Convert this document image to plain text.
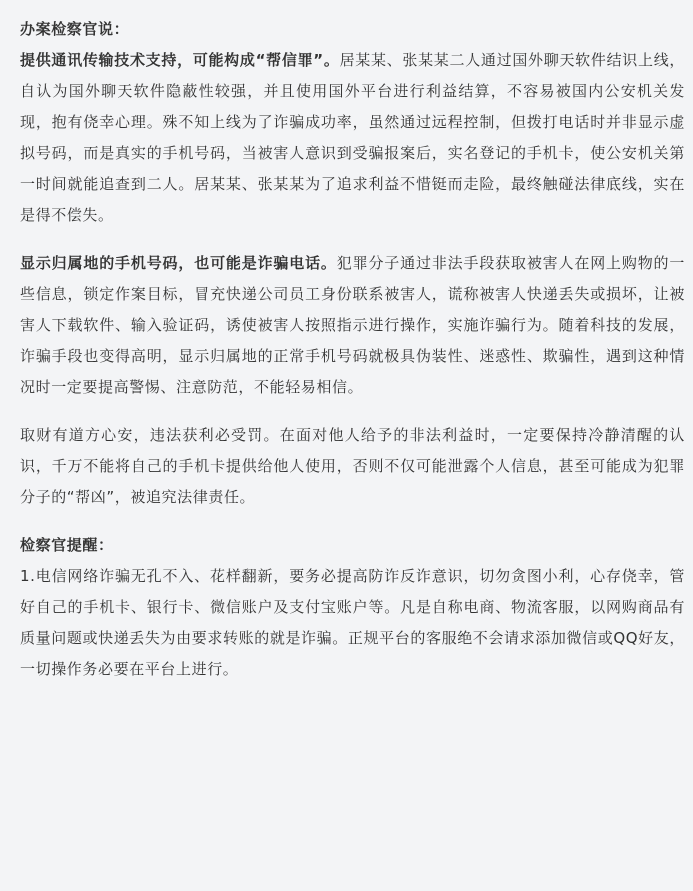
办案检察官说：

提供通讯传输技术支持，可能构成“帮信罪”。居某某、张某某二人通过国外聊天软件结识上线，自认为国外聊天软件隐蔽性较强，并且使用国外平台进行利益结算，不容易被国内公安机关发现，抱有侥幸心理。殊不知上线为了诈骗成功率，虽然通过远程控制，但拨打电话时并非显示虚拟号码，而是真实的手机号码，当被害人意识到受骗报案后，实名登记的手机卡，使公安机关第一时间就能追查到二人。居某某、张某某为了追求利益不惜铤而走险，最终触碰法律底线，实在是得不偿失。

显示归属地的手机号码，也可能是诈骗电话。犯罪分子通过非法手段获取被害人在网上购物的一些信息，锁定作案目标，冒充快递公司员工身份联系被害人，谎称被害人快递丢失或损坏，让被害人下载软件、输入验证码，诱使被害人按照指示进行操作，实施诈骗行为。随着科技的发展，诈骗手段也变得高明，显示归属地的正常手机号码就极具伪装性、迷惑性、欺骗性，遇到这种情况时一定要提高警惕、注意防范，不能轻易相信。

取财有道方心安，违法获利必受罚。在面对他人给予的非法利益时，一定要保持冷静清醒的认识，千万不能将自己的手机卡提供给他人使用，否则不仅可能泄露个人信息，甚至可能成为犯罪分子的“帮凶”，被追究法律责任。

检察官提醒：

1.电信网络诈骗无孔不入、花样翻新，要务必提高防诈反诈意识，切勿贪图小利，心存侥幸，管好自己的手机卡、银行卡、微信账户及支付宝账户等。凡是自称电商、物流客服，以网购商品有质量问题或快递丢失为由要求转账的就是诈骗。正规平台的客服绝不会请求添加微信或QQ好友，一切操作务必要在平台上进行。
